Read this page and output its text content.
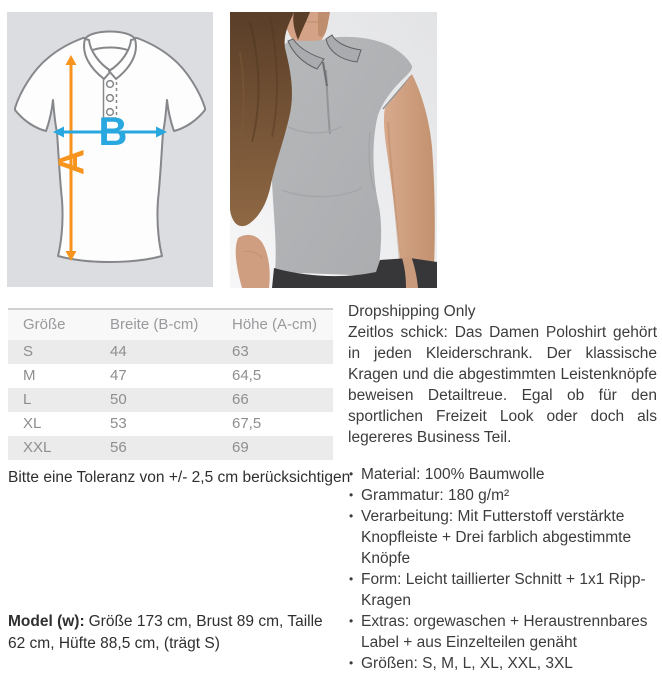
A
B
Größe	Breite (B-cm)	Höhe (A-cm)
S	44	63
M	47	64,5
L	50	66
XL	53	67,5
XXL	56	69
Bitte eine Toleranz von +/- 2,5 cm berücksichtigen
Model (w): Größe 173 cm, Brust 89 cm, Taille 62 cm, Hüfte 88,5 cm, (trägt S)
Dropshipping Only

Zeitlos schick: Das Damen Poloshirt gehört in jeden Kleiderschrank. Der klassische Kragen und die abgestimmten Leistenknöpfe beweisen Detailtreue. Egal ob für den sportlichen Freizeit Look oder doch als legereres Business Teil.

• Material: 100% Baumwolle
• Grammatur: 180 g/m²
• Verarbeitung: Mit Futterstoff verstärkte Knopfleiste + Drei farblich abgestimmte Knöpfe
• Form: Leicht taillierter Schnitt + 1x1 Ripp-Kragen
• Extras: orgewaschen + Heraustrennbares Label + aus Einzelteilen genäht
• Größen: S, M, L, XL, XXL, 3XL
